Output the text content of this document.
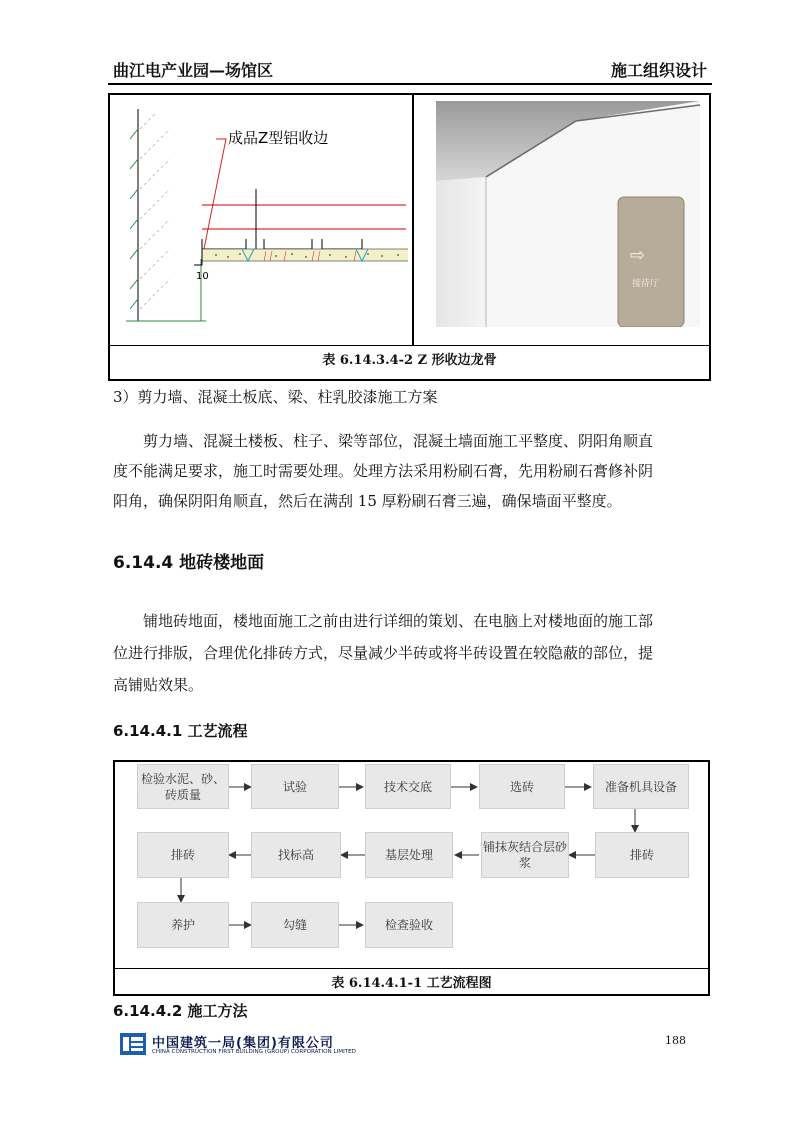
曲江电产业园—场馆区	施工组织设计
10
成品Z型铝收边
⇨
接待厅
表 6.14.3.4-2 Z 形收边龙骨
3）剪力墙、混凝土板底、梁、柱乳胶漆施工方案
剪力墙、混凝土楼板、柱子、梁等部位，混凝土墙面施工平整度、阴阳角顺直
度不能满足要求，施工时需要处理。处理方法采用粉刷石膏，先用粉刷石膏修补阴
阳角，确保阴阳角顺直，然后在满刮 15 厚粉刷石膏三遍，确保墙面平整度。
6.14.4 地砖楼地面
铺地砖地面，楼地面施工之前由进行详细的策划、在电脑上对楼地面的施工部
位进行排版，合理优化排砖方式，尽量减少半砖或将半砖设置在较隐蔽的部位，提
高铺贴效果。
6.14.4.1 工艺流程
检验水泥、砂、砖质量
试验	技术交底	选砖	准备机具设备
排砖	找标高	基层处理
铺抹灰结合层砂浆
排砖
养护	勾缝	检查验收
表 6.14.4.1-1 工艺流程图
6.14.4.2 施工方法
中国建筑一局(集团)有限公司
CHINA CONSTRUCTION FIRST BUILDING (GROUP) CORPORATION LIMITED
188
